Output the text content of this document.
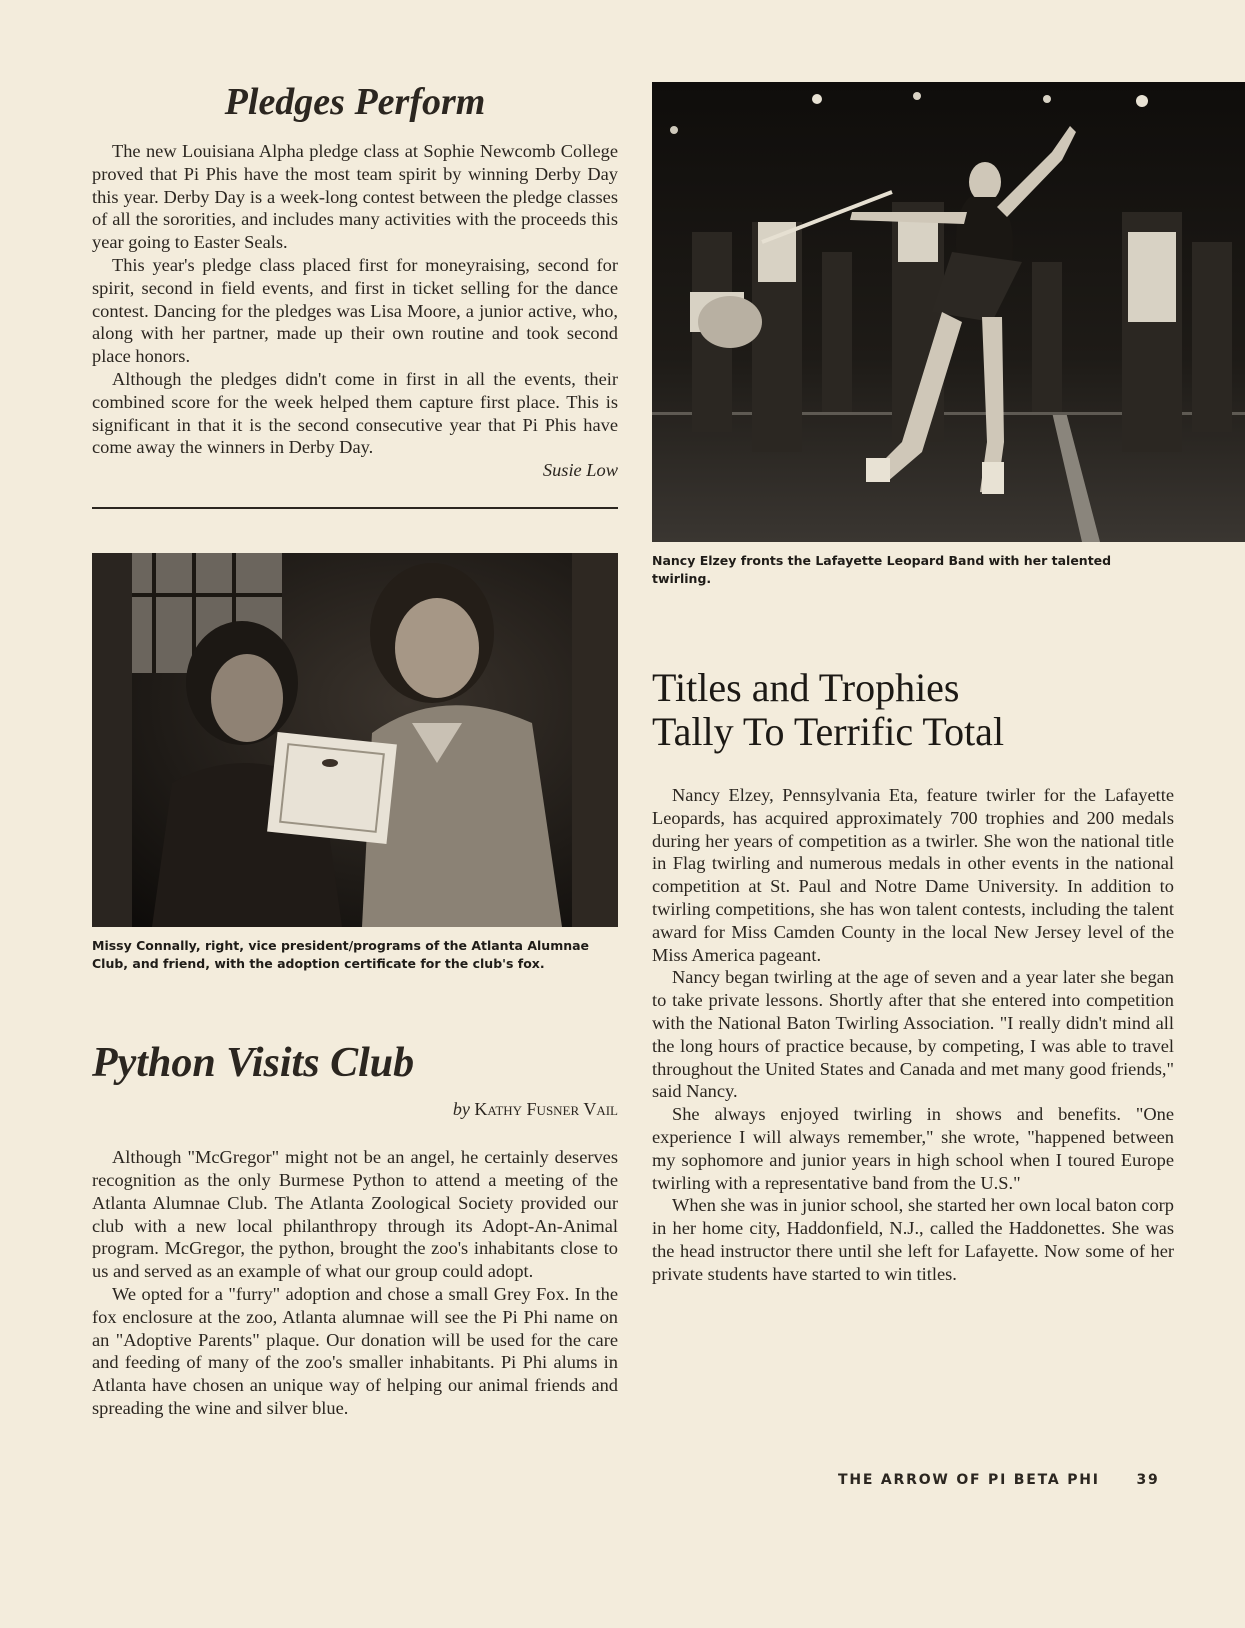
Pledges Perform

The new Louisiana Alpha pledge class at Sophie Newcomb College proved that Pi Phis have the most team spirit by winning Derby Day this year. Derby Day is a week-long contest between the pledge classes of all the sororities, and includes many activities with the proceeds this year going to Easter Seals.

This year's pledge class placed first for moneyraising, second for spirit, second in field events, and first in ticket selling for the dance contest. Dancing for the pledges was Lisa Moore, a junior active, who, along with her partner, made up their own routine and took second place honors.

Although the pledges didn't come in first in all the events, their combined score for the week helped them capture first place. This is significant in that it is the second consecutive year that Pi Phis have come away the winners in Derby Day.

Susie Low

Missy Connally, right, vice president/programs of the Atlanta Alumnae Club, and friend, with the adoption certificate for the club's fox.

Python Visits Club
by Kathy Fusner Vail

Although "McGregor" might not be an angel, he certainly deserves recognition as the only Burmese Python to attend a meeting of the Atlanta Alumnae Club. The Atlanta Zoological Society provided our club with a new local philanthropy through its Adopt-An-Animal program. McGregor, the python, brought the zoo's inhabitants close to us and served as an example of what our group could adopt.

We opted for a "furry" adoption and chose a small Grey Fox. In the fox enclosure at the zoo, Atlanta alumnae will see the Pi Phi name on an "Adoptive Parents" plaque. Our donation will be used for the care and feeding of many of the zoo's smaller inhabitants. Pi Phi alums in Atlanta have chosen an unique way of helping our animal friends and spreading the wine and silver blue.

Nancy Elzey fronts the Lafayette Leopard Band with her talented twirling.

Titles and Trophies
Tally To Terrific Total

Nancy Elzey, Pennsylvania Eta, feature twirler for the Lafayette Leopards, has acquired approximately 700 trophies and 200 medals during her years of competition as a twirler. She won the national title in Flag twirling and numerous medals in other events in the national competition at St. Paul and Notre Dame University. In addition to twirling competitions, she has won talent contests, including the talent award for Miss Camden County in the local New Jersey level of the Miss America pageant.

Nancy began twirling at the age of seven and a year later she began to take private lessons. Shortly after that she entered into competition with the National Baton Twirling Association. "I really didn't mind all the long hours of practice because, by competing, I was able to travel throughout the United States and Canada and met many good friends," said Nancy.

She always enjoyed twirling in shows and benefits. "One experience I will always remember," she wrote, "happened between my sophomore and junior years in high school when I toured Europe twirling with a representative band from the U.S."

When she was in junior school, she started her own local baton corp in her home city, Haddonfield, N.J., called the Haddonettes. She was the head instructor there until she left for Lafayette. Now some of her private students have started to win titles.

THE ARROW OF PI BETA PHI	39
